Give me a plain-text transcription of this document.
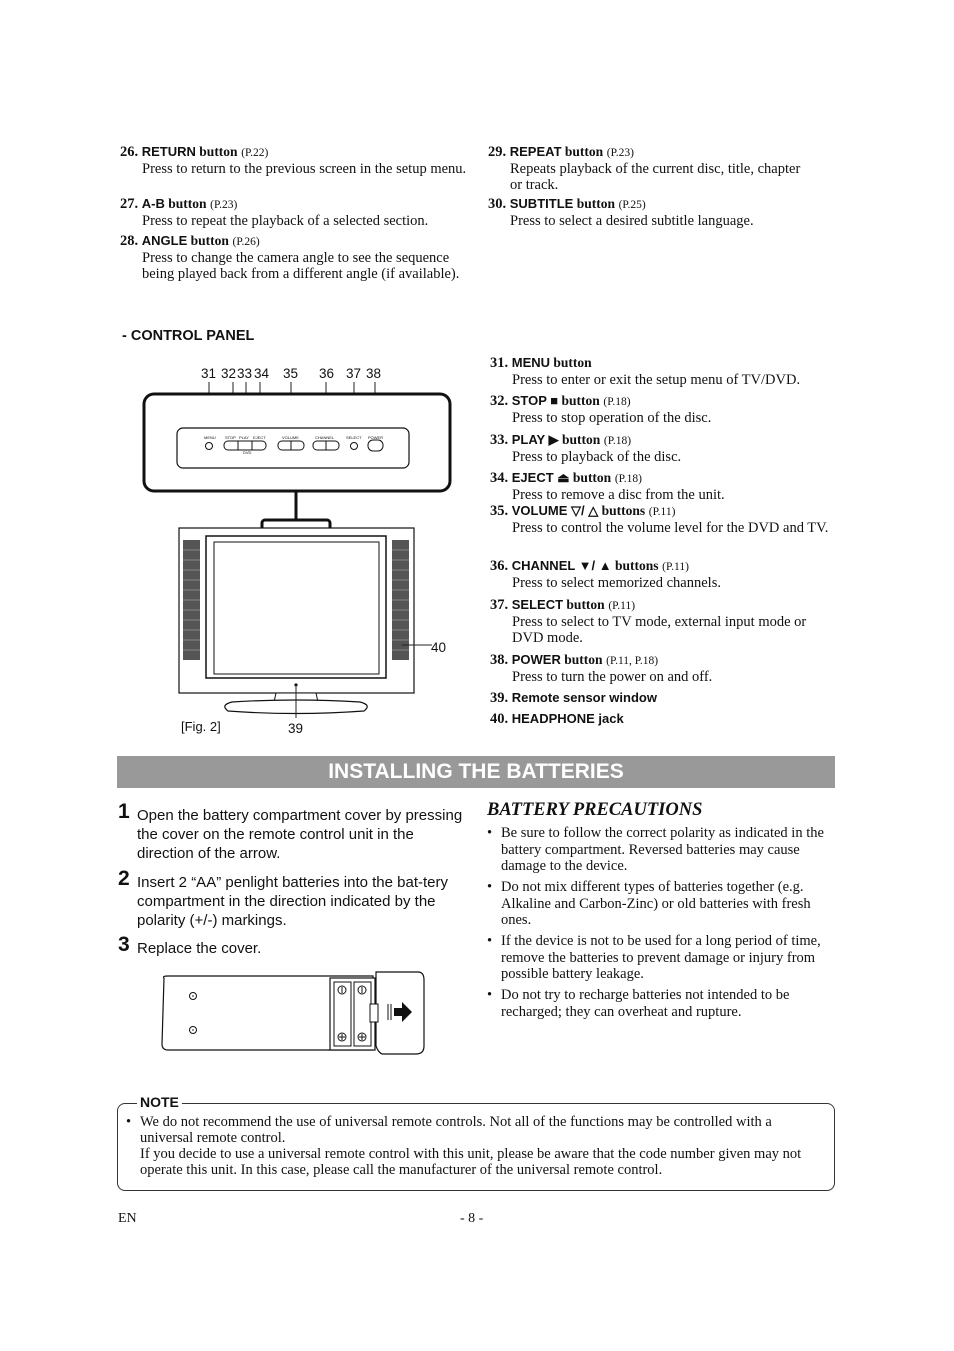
26. RETURN button (P.22)
Press to return to the previous screen in the setup menu.
27. A-B button (P.23)
Press to repeat the playback of a selected section.
28. ANGLE button (P.26)
Press to change the camera angle to see the sequence being played back from a different angle (if available).
29. REPEAT button (P.23)
Repeats playback of the current disc, title, chapter or track.
30. SUBTITLE button (P.25)
Press to select a desired subtitle language.
- CONTROL PANEL
31 32 33 34 35 36 37 38
MENU STOP PLAY EJECT	VOLUME	CHANNEL	SELECT POWER
DVD
40
39
[Fig. 2]
31. MENU button
Press to enter or exit the setup menu of TV/DVD.
32. STOP ■ button (P.18)
Press to stop operation of the disc.
33. PLAY ▶ button (P.18)
Press to playback of the disc.
34. EJECT ⏏ button (P.18)
Press to remove a disc from the unit.
35. VOLUME ▽/ △ buttons (P.11)
Press to control the volume level for the DVD and TV.
36. CHANNEL ▼/ ▲ buttons (P.11)
Press to select memorized channels.
37. SELECT button (P.11)
Press to select to TV mode, external input mode or DVD mode.
38. POWER button (P.11, P.18)
Press to turn the power on and off.
39. Remote sensor window
40. HEADPHONE jack
INSTALLING THE BATTERIES
1 Open the battery compartment cover by pressing the cover on the remote control unit in the direction of the arrow.
2 Insert 2 “AA” penlight batteries into the bat-tery compartment in the direction indicated by the polarity (+/-) markings.
3 Replace the cover.
BATTERY PRECAUTIONS
• Be sure to follow the correct polarity as indicated in the battery compartment. Reversed batteries may cause damage to the device.
• Do not mix different types of batteries together (e.g. Alkaline and Carbon-Zinc) or old batteries with fresh ones.
• If the device is not to be used for a long period of time, remove the batteries to prevent damage or injury from possible battery leakage.
• Do not try to recharge batteries not intended to be recharged; they can overheat and rupture.
NOTE
• We do not recommend the use of universal remote controls. Not all of the functions may be controlled with a universal remote control.
If you decide to use a universal remote control with this unit, please be aware that the code number given may not operate this unit. In this case, please call the manufacturer of the universal remote control.
EN	- 8 -
